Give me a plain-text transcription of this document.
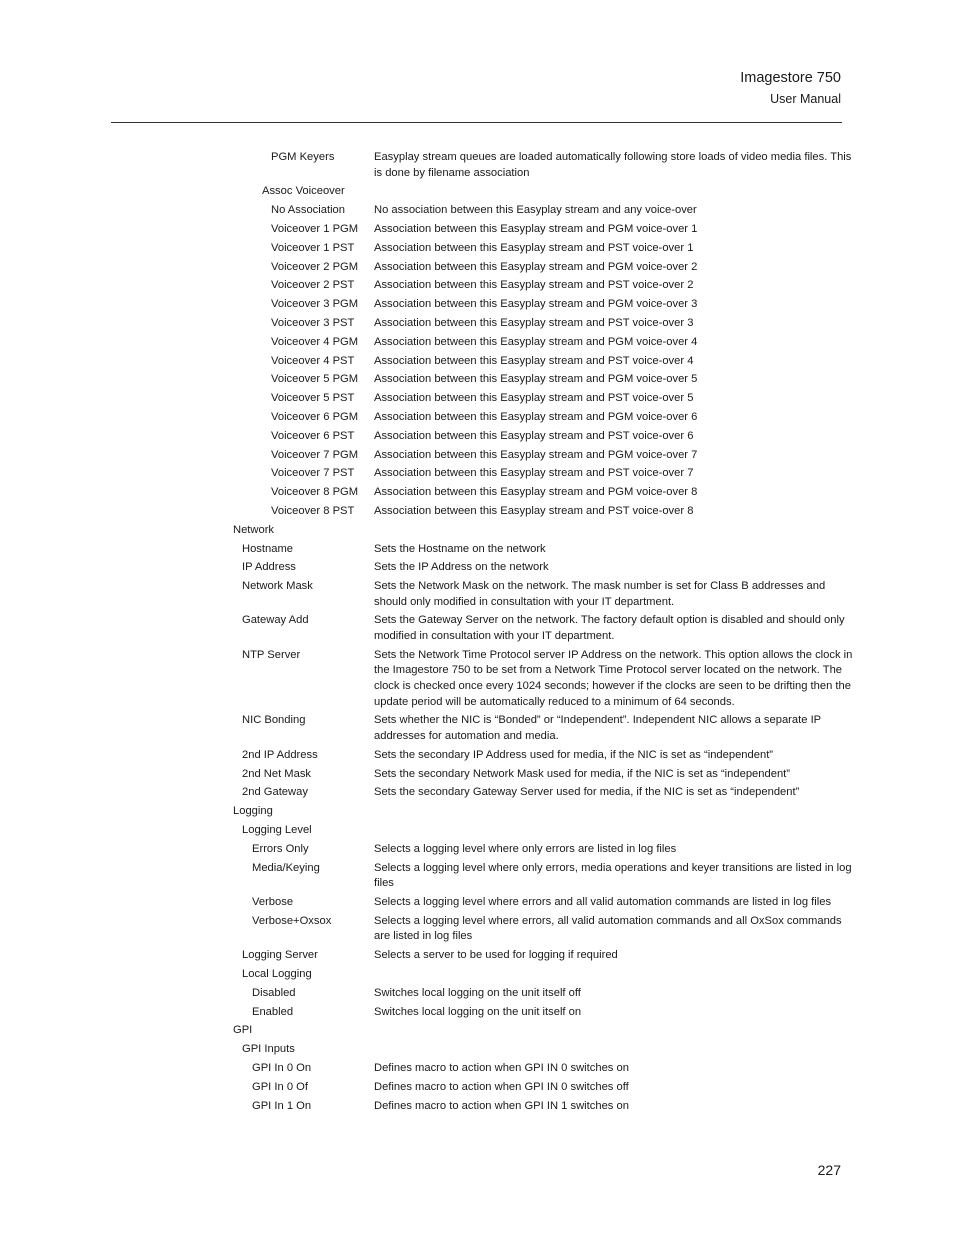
Imagestore 750
User Manual
PGM Keyers	Easyplay stream queues are loaded automatically following store loads of video media files. This is done by filename association
Assoc Voiceover
No Association	No association between this Easyplay stream and any voice-over
Voiceover 1 PGM Association between this Easyplay stream and PGM voice-over 1
Voiceover 1 PST Association between this Easyplay stream and PST voice-over 1
Voiceover 2 PGM Association between this Easyplay stream and PGM voice-over 2
Voiceover 2 PST Association between this Easyplay stream and PST voice-over 2
Voiceover 3 PGM Association between this Easyplay stream and PGM voice-over 3
Voiceover 3 PST Association between this Easyplay stream and PST voice-over 3
Voiceover 4 PGM Association between this Easyplay stream and PGM voice-over 4
Voiceover 4 PST Association between this Easyplay stream and PST voice-over 4
Voiceover 5 PGM Association between this Easyplay stream and PGM voice-over 5
Voiceover 5 PST Association between this Easyplay stream and PST voice-over 5
Voiceover 6 PGM Association between this Easyplay stream and PGM voice-over 6
Voiceover 6 PST Association between this Easyplay stream and PST voice-over 6
Voiceover 7 PGM Association between this Easyplay stream and PGM voice-over 7
Voiceover 7 PST Association between this Easyplay stream and PST voice-over 7
Voiceover 8 PGM Association between this Easyplay stream and PGM voice-over 8
Voiceover 8 PST Association between this Easyplay stream and PST voice-over 8
Network
Hostname	Sets the Hostname on the network
IP Address	Sets the IP Address on the network
Network Mask	Sets the Network Mask on the network. The mask number is set for Class B addresses and should only modified in consultation with your IT department.
Gateway Add	Sets the Gateway Server on the network. The factory default option is disabled and should only modified in consultation with your IT department.
NTP Server	Sets the Network Time Protocol server IP Address on the network. This option allows the clock in the Imagestore 750 to be set from a Network Time Protocol server located on the network. The clock is checked once every 1024 seconds; however if the clocks are seen to be drifting then the update period will be automatically reduced to a minimum of 64 seconds.
NIC Bonding	Sets whether the NIC is “Bonded” or “Independent”. Independent NIC allows a separate IP addresses for automation and media.
2nd IP Address	Sets the secondary IP Address used for media, if the NIC is set as “independent”
2nd Net Mask	Sets the secondary Network Mask used for media, if the NIC is set as “independent”
2nd Gateway	Sets the secondary Gateway Server used for media, if the NIC is set as “independent”
Logging
Logging Level
Errors Only	Selects a logging level where only errors are listed in log files
Media/Keying	Selects a logging level where only errors, media operations and keyer transitions are listed in log files
Verbose	Selects a logging level where errors and all valid automation commands are listed in log files
Verbose+Oxsox	Selects a logging level where errors, all valid automation commands and all OxSox commands are listed in log files
Logging Server	Selects a server to be used for logging if required
Local Logging
Disabled	Switches local logging on the unit itself off
Enabled	Switches local logging on the unit itself on
GPI
GPI Inputs
GPI In 0 On	Defines macro to action when GPI IN 0 switches on
GPI In 0 Of	Defines macro to action when GPI IN 0 switches off
GPI In 1 On	Defines macro to action when GPI IN 1 switches on
227
